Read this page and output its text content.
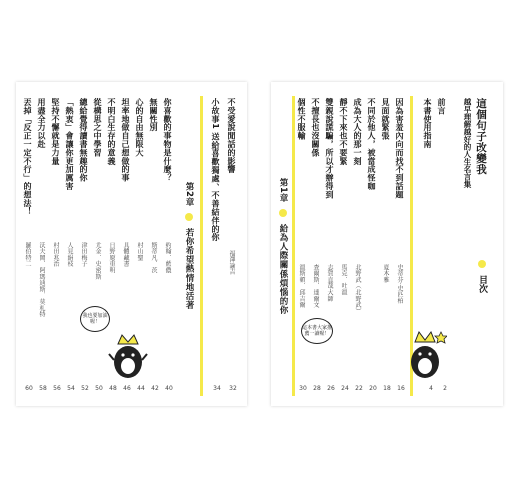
這個句子改變我
越早理解越好的人生名言集
目次
前言
本書使用指南
2
4
因為害羞內向而找不到話題
史蒂芬‧史匹柏
16
見面就緊張
夏木雅
18
不同於他人，被當成怪咖
20
成為大人的那一刻
北野武（北野武）
22
靜不下來也不要緊
馬克．吐溫
24
雙親說謊騙，所以才辦得到
志賀直哉大師
26
不擅長也沒關係
查爾斯．達爾文
28
個性不服輸
溫斯頓．邱吉爾
30
第1章  給為人際關係煩惱的你
這本書大家推薦一讀喔！
不受愛說閒話的影響
福澤諭吉
32
小故事1 送給喜歡獨處、不善結伴的你
34
第2章  若你希望熱情地活著
你喜歡的事物是什麼？
約翰．藍儂
40
無關性別
斯蒂凡．茨
42
心的自由無限大
村山聖
44
坦率地做自己想做的事
具體藏書
46
不明白生存的意義
日野原重明
48
從構思之中學習
尤金．史密斯
50
總給覺得讀書無趣的你
津田梅子
52
「熱衷」會讓你更加厲害
人見絹枝
54
堅持不懈就是力量
村田兆治
56
用盡全力以赴
沃夫岡．阿瑪迪斯．莫札特
58
丟掉「反正一定不行」的想法！
羅伯特二
60
我也要加油喔！
